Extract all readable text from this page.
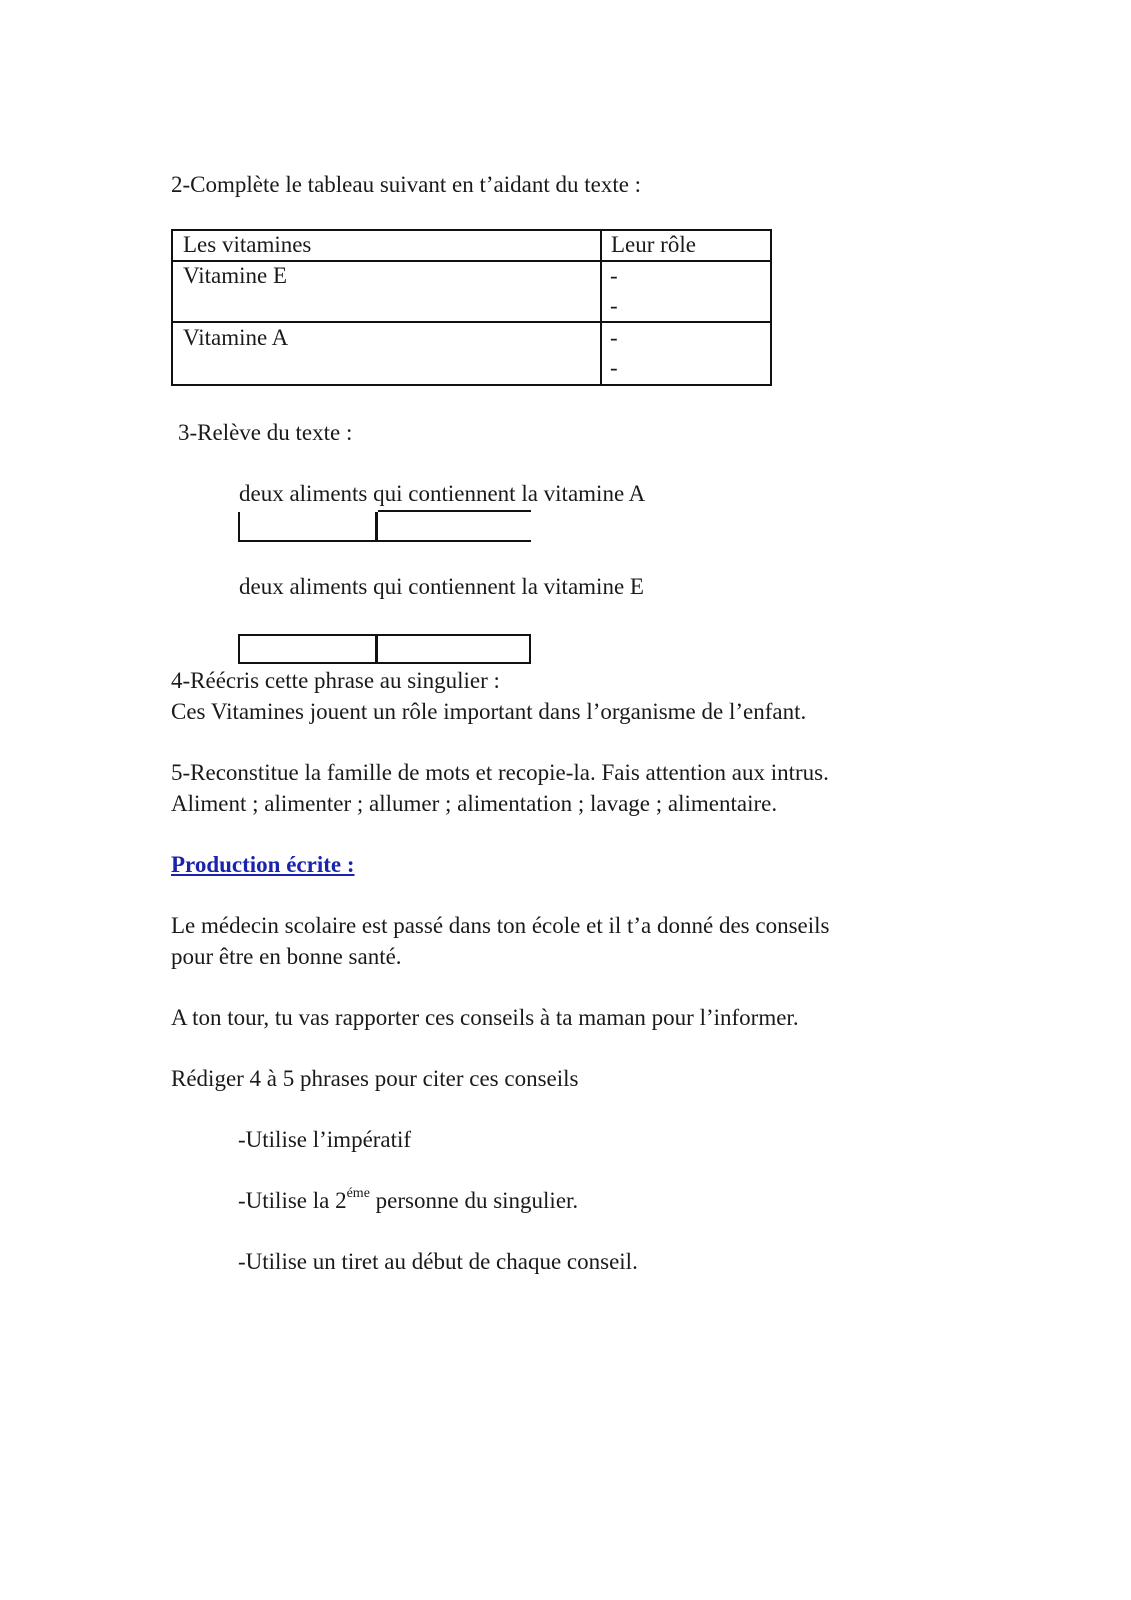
2-Complète le tableau suivant en t’aidant du texte :
Les vitamines	Leur rôle
Vitamine E	-
-
Vitamine A	-
-
3-Relève du texte :
deux aliments qui contiennent la vitamine A
deux aliments qui contiennent la vitamine E
4-Réécris cette phrase au singulier :
Ces Vitamines jouent un rôle important dans l’organisme de l’enfant.
5-Reconstitue la famille de mots et recopie-la. Fais attention aux intrus.
Aliment ; alimenter ; allumer ; alimentation ; lavage ; alimentaire.
Production écrite :
Le médecin scolaire est passé dans ton école et il t’a donné des conseils
pour être en bonne santé.
A ton tour, tu vas rapporter ces conseils à ta maman pour l’informer.
Rédiger 4 à 5 phrases pour citer ces conseils
-Utilise l’impératif
-Utilise la $2^{éme}$ personne du singulier.
-Utilise un tiret au début de chaque conseil.
